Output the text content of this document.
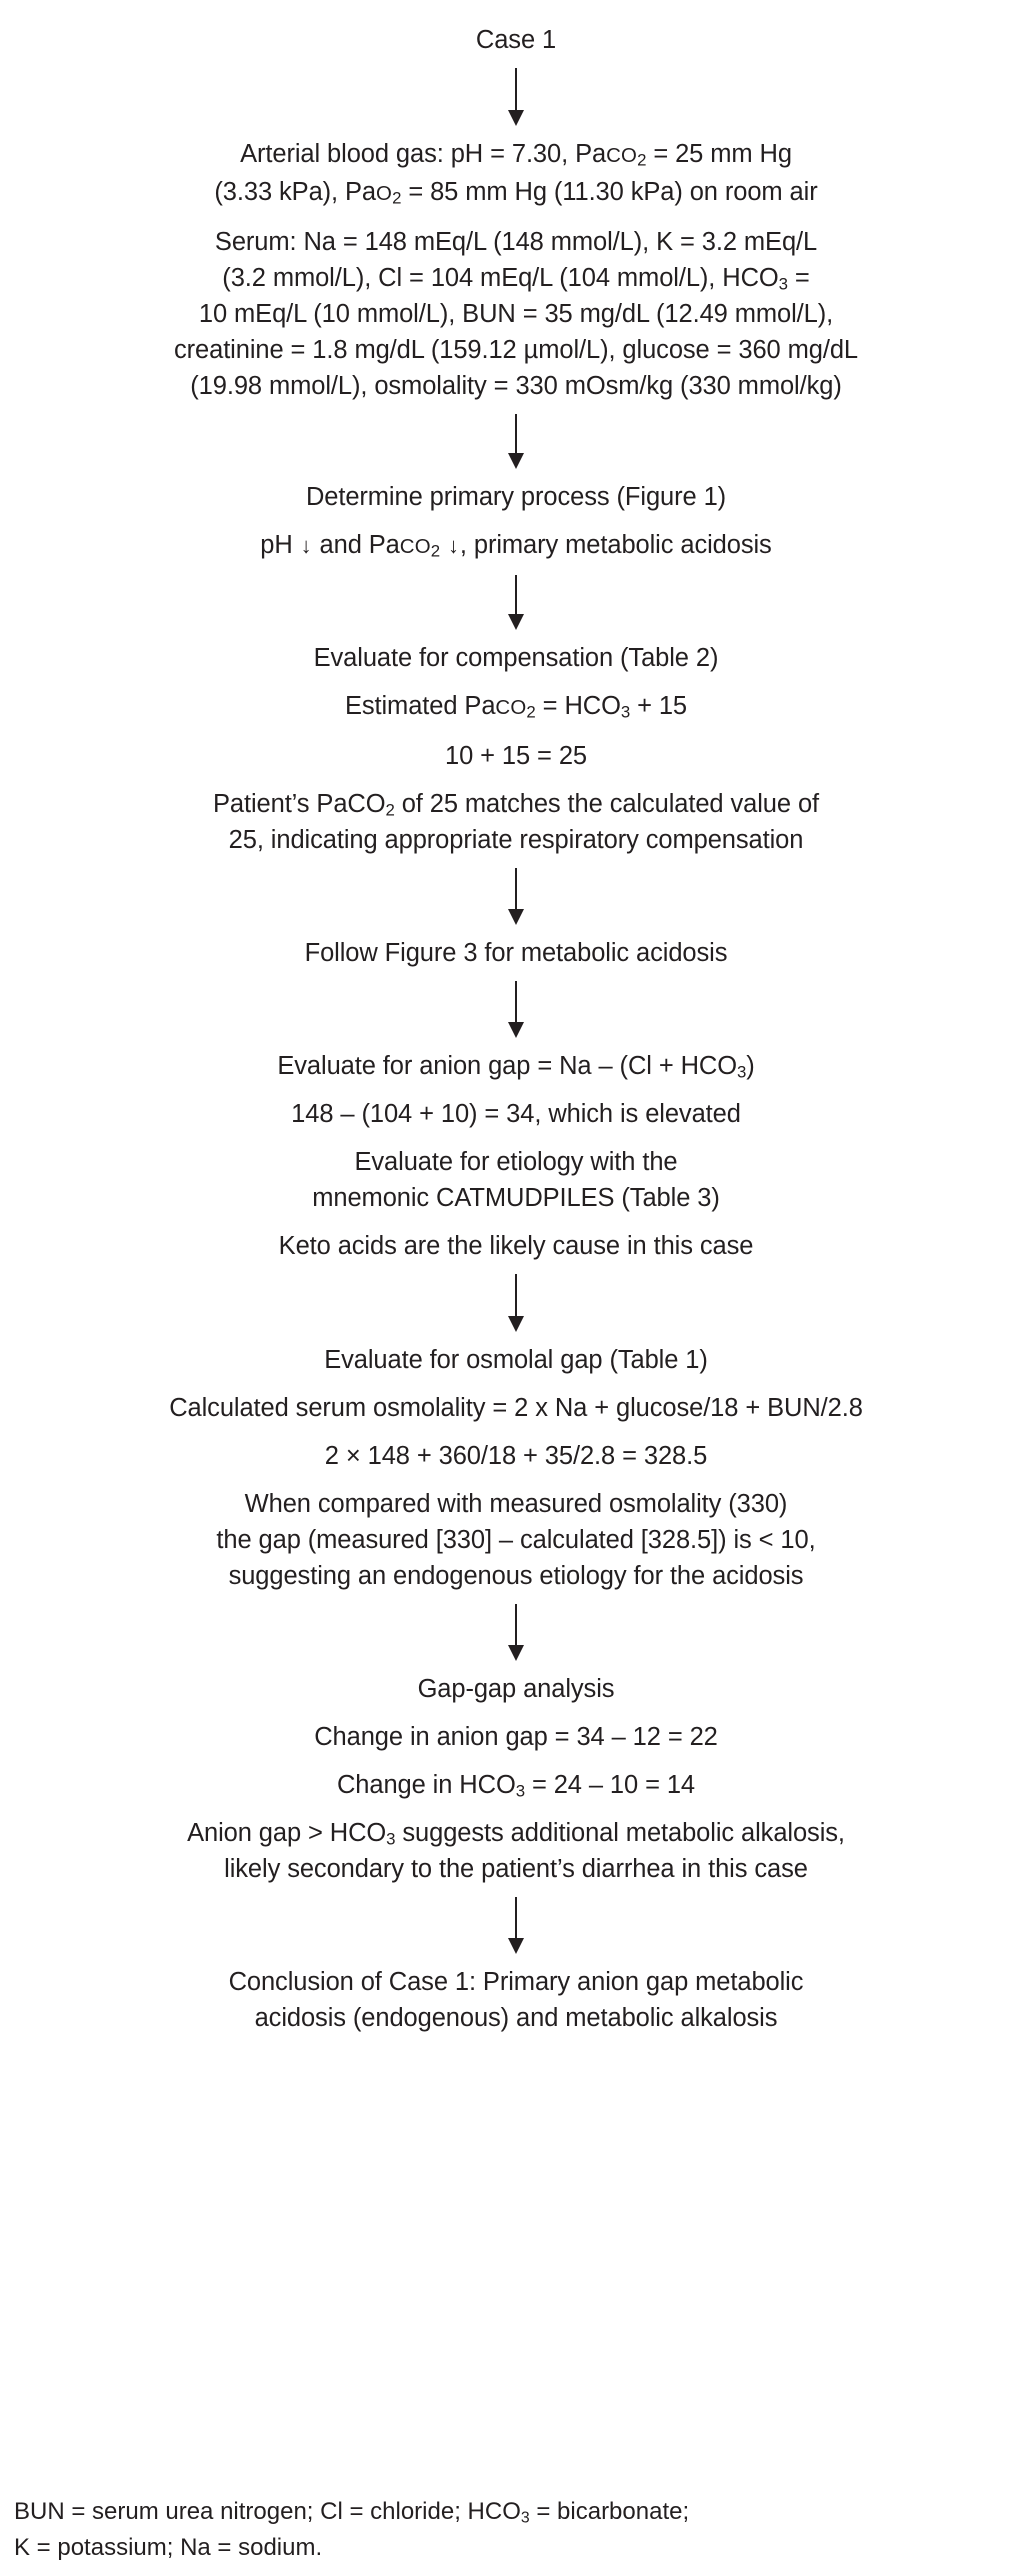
Case 1
Arterial blood gas: pH = 7.30, PaCO$_2$ = 25 mm Hg
(3.33 kPa), PaO$_2$ = 85 mm Hg (11.30 kPa) on room air
Serum: Na = 148 mEq/L (148 mmol/L), K = 3.2 mEq/L
(3.2 mmol/L), Cl = 104 mEq/L (104 mmol/L), $HCO_3$ =
10 mEq/L (10 mmol/L), BUN = 35 mg/dL (12.49 mmol/L),
creatinine = 1.8 mg/dL (159.12 µmol/L), glucose = 360 mg/dL
(19.98 mmol/L), osmolality = 330 mOsm/kg (330 mmol/kg)
Determine primary process (Figure 1)
pH ↓ and PaCO$_2$ ↓, primary metabolic acidosis
Evaluate for compensation (Table 2)
Estimated PaCO$_2$ = $HCO_3 + 15$
10 + 15 = 25
Patient’s PaCO$_2$ of 25 matches the calculated value of
25, indicating appropriate respiratory compensation
Follow Figure 3 for metabolic acidosis
Evaluate for anion gap = $Na - (Cl + HCO_3)$
148 – (104 + 10) = 34, which is elevated
Evaluate for etiology with the
mnemonic CATMUDPILES (Table 3)
Keto acids are the likely cause in this case
Evaluate for osmolal gap (Table 1)
Calculated serum osmolality = 2 x Na + glucose/18 + BUN/2.8
2 × 148 + 360/18 + 35/2.8 = 328.5
When compared with measured osmolality (330)
the gap (measured [330] – calculated [328.5]) is < 10,
suggesting an endogenous etiology for the acidosis
Gap-gap analysis
Change in anion gap = 34 – 12 = 22
Change in $HCO_3 = 24 - 10 = 14$
Anion gap > $HCO_3$ suggests additional metabolic alkalosis,
likely secondary to the patient’s diarrhea in this case
Conclusion of Case 1: Primary anion gap metabolic
acidosis (endogenous) and metabolic alkalosis
BUN = serum urea nitrogen; Cl = chloride; $HCO_3$ = bicarbonate;
K = potassium; Na = sodium.
